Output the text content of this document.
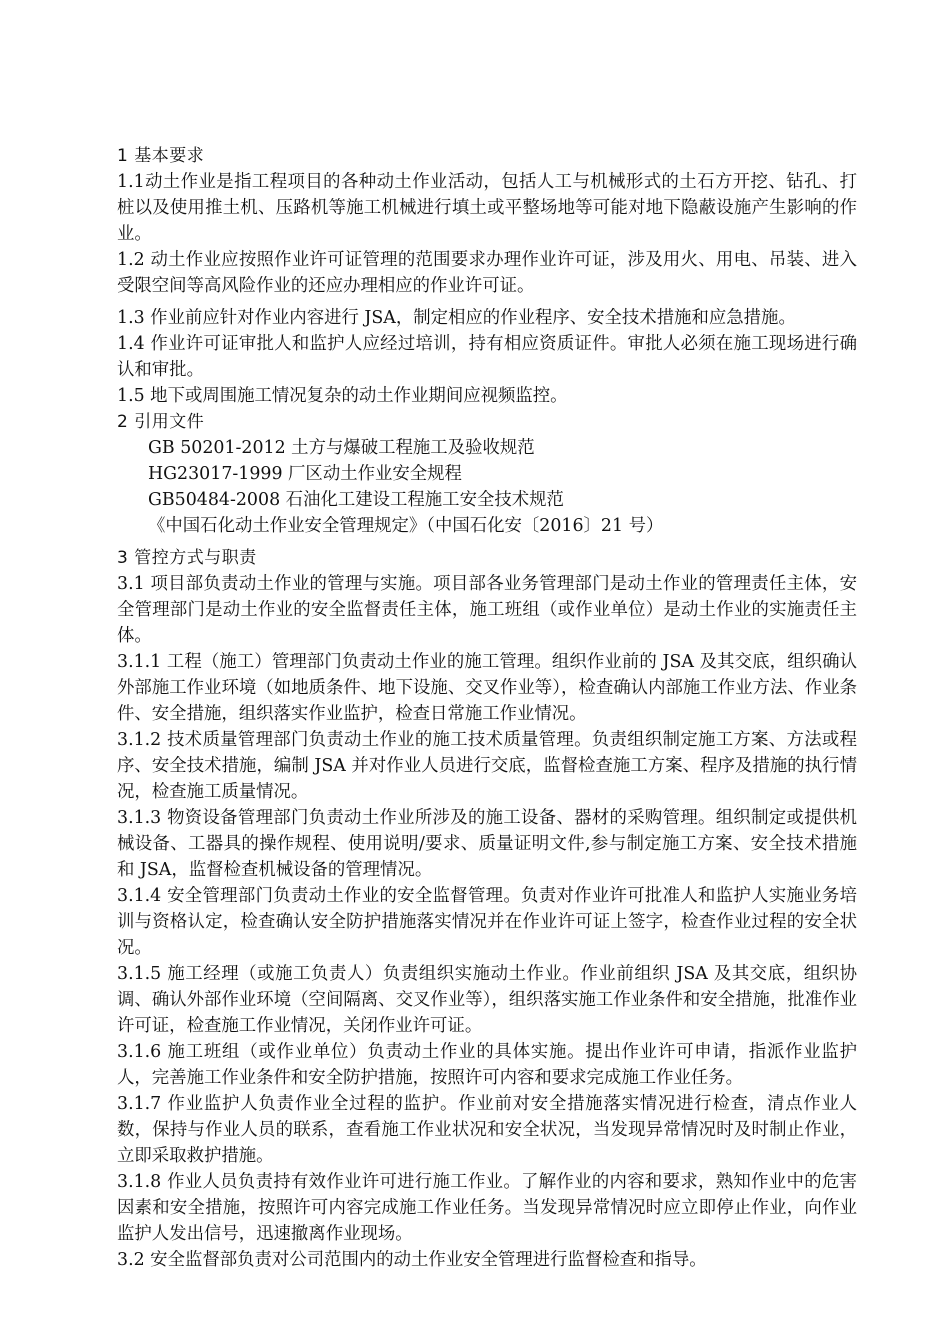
1 基本要求

1.1动土作业是指工程项目的各种动土作业活动，包括人工与机械形式的土石方开挖、钻孔、打桩以及使用推土机、压路机等施工机械进行填土或平整场地等可能对地下隐蔽设施产生影响的作业。

1.2 动土作业应按照作业许可证管理的范围要求办理作业许可证，涉及用火、用电、吊装、进入受限空间等高风险作业的还应办理相应的作业许可证。

1.3 作业前应针对作业内容进行 JSA，制定相应的作业程序、安全技术措施和应急措施。

1.4 作业许可证审批人和监护人应经过培训，持有相应资质证件。审批人必须在施工现场进行确认和审批。

1.5 地下或周围施工情况复杂的动土作业期间应视频监控。

2 引用文件

GB 50201-2012 土方与爆破工程施工及验收规范

HG23017-1999 厂区动土作业安全规程

GB50484-2008 石油化工建设工程施工安全技术规范

《中国石化动土作业安全管理规定》（中国石化安〔2016〕21 号）

3 管控方式与职责

3.1 项目部负责动土作业的管理与实施。项目部各业务管理部门是动土作业的管理责任主体，安全管理部门是动土作业的安全监督责任主体，施工班组（或作业单位）是动土作业的实施责任主体。

3.1.1 工程（施工）管理部门负责动土作业的施工管理。组织作业前的 JSA 及其交底，组织确认外部施工作业环境（如地质条件、地下设施、交叉作业等），检查确认内部施工作业方法、作业条件、安全措施，组织落实作业监护，检查日常施工作业情况。

3.1.2 技术质量管理部门负责动土作业的施工技术质量管理。负责组织制定施工方案、方法或程序、安全技术措施，编制 JSA 并对作业人员进行交底，监督检查施工方案、程序及措施的执行情况，检查施工质量情况。

3.1.3 物资设备管理部门负责动土作业所涉及的施工设备、器材的采购管理。组织制定或提供机械设备、工器具的操作规程、使用说明/要求、质量证明文件,参与制定施工方案、安全技术措施和 JSA，监督检查机械设备的管理情况。

3.1.4 安全管理部门负责动土作业的安全监督管理。负责对作业许可批准人和监护人实施业务培训与资格认定，检查确认安全防护措施落实情况并在作业许可证上签字，检查作业过程的安全状况。

3.1.5 施工经理（或施工负责人）负责组织实施动土作业。作业前组织 JSA 及其交底，组织协调、确认外部作业环境（空间隔离、交叉作业等），组织落实施工作业条件和安全措施，批准作业许可证，检查施工作业情况，关闭作业许可证。

3.1.6 施工班组（或作业单位）负责动土作业的具体实施。提出作业许可申请，指派作业监护人，完善施工作业条件和安全防护措施，按照许可内容和要求完成施工作业任务。

3.1.7 作业监护人负责作业全过程的监护。作业前对安全措施落实情况进行检查，清点作业人数，保持与作业人员的联系，查看施工作业状况和安全状况，当发现异常情况时及时制止作业，立即采取救护措施。

3.1.8 作业人员负责持有效作业许可进行施工作业。了解作业的内容和要求，熟知作业中的危害因素和安全措施，按照许可内容完成施工作业任务。当发现异常情况时应立即停止作业，向作业监护人发出信号，迅速撤离作业现场。

3.2 安全监督部负责对公司范围内的动土作业安全管理进行监督检查和指导。
